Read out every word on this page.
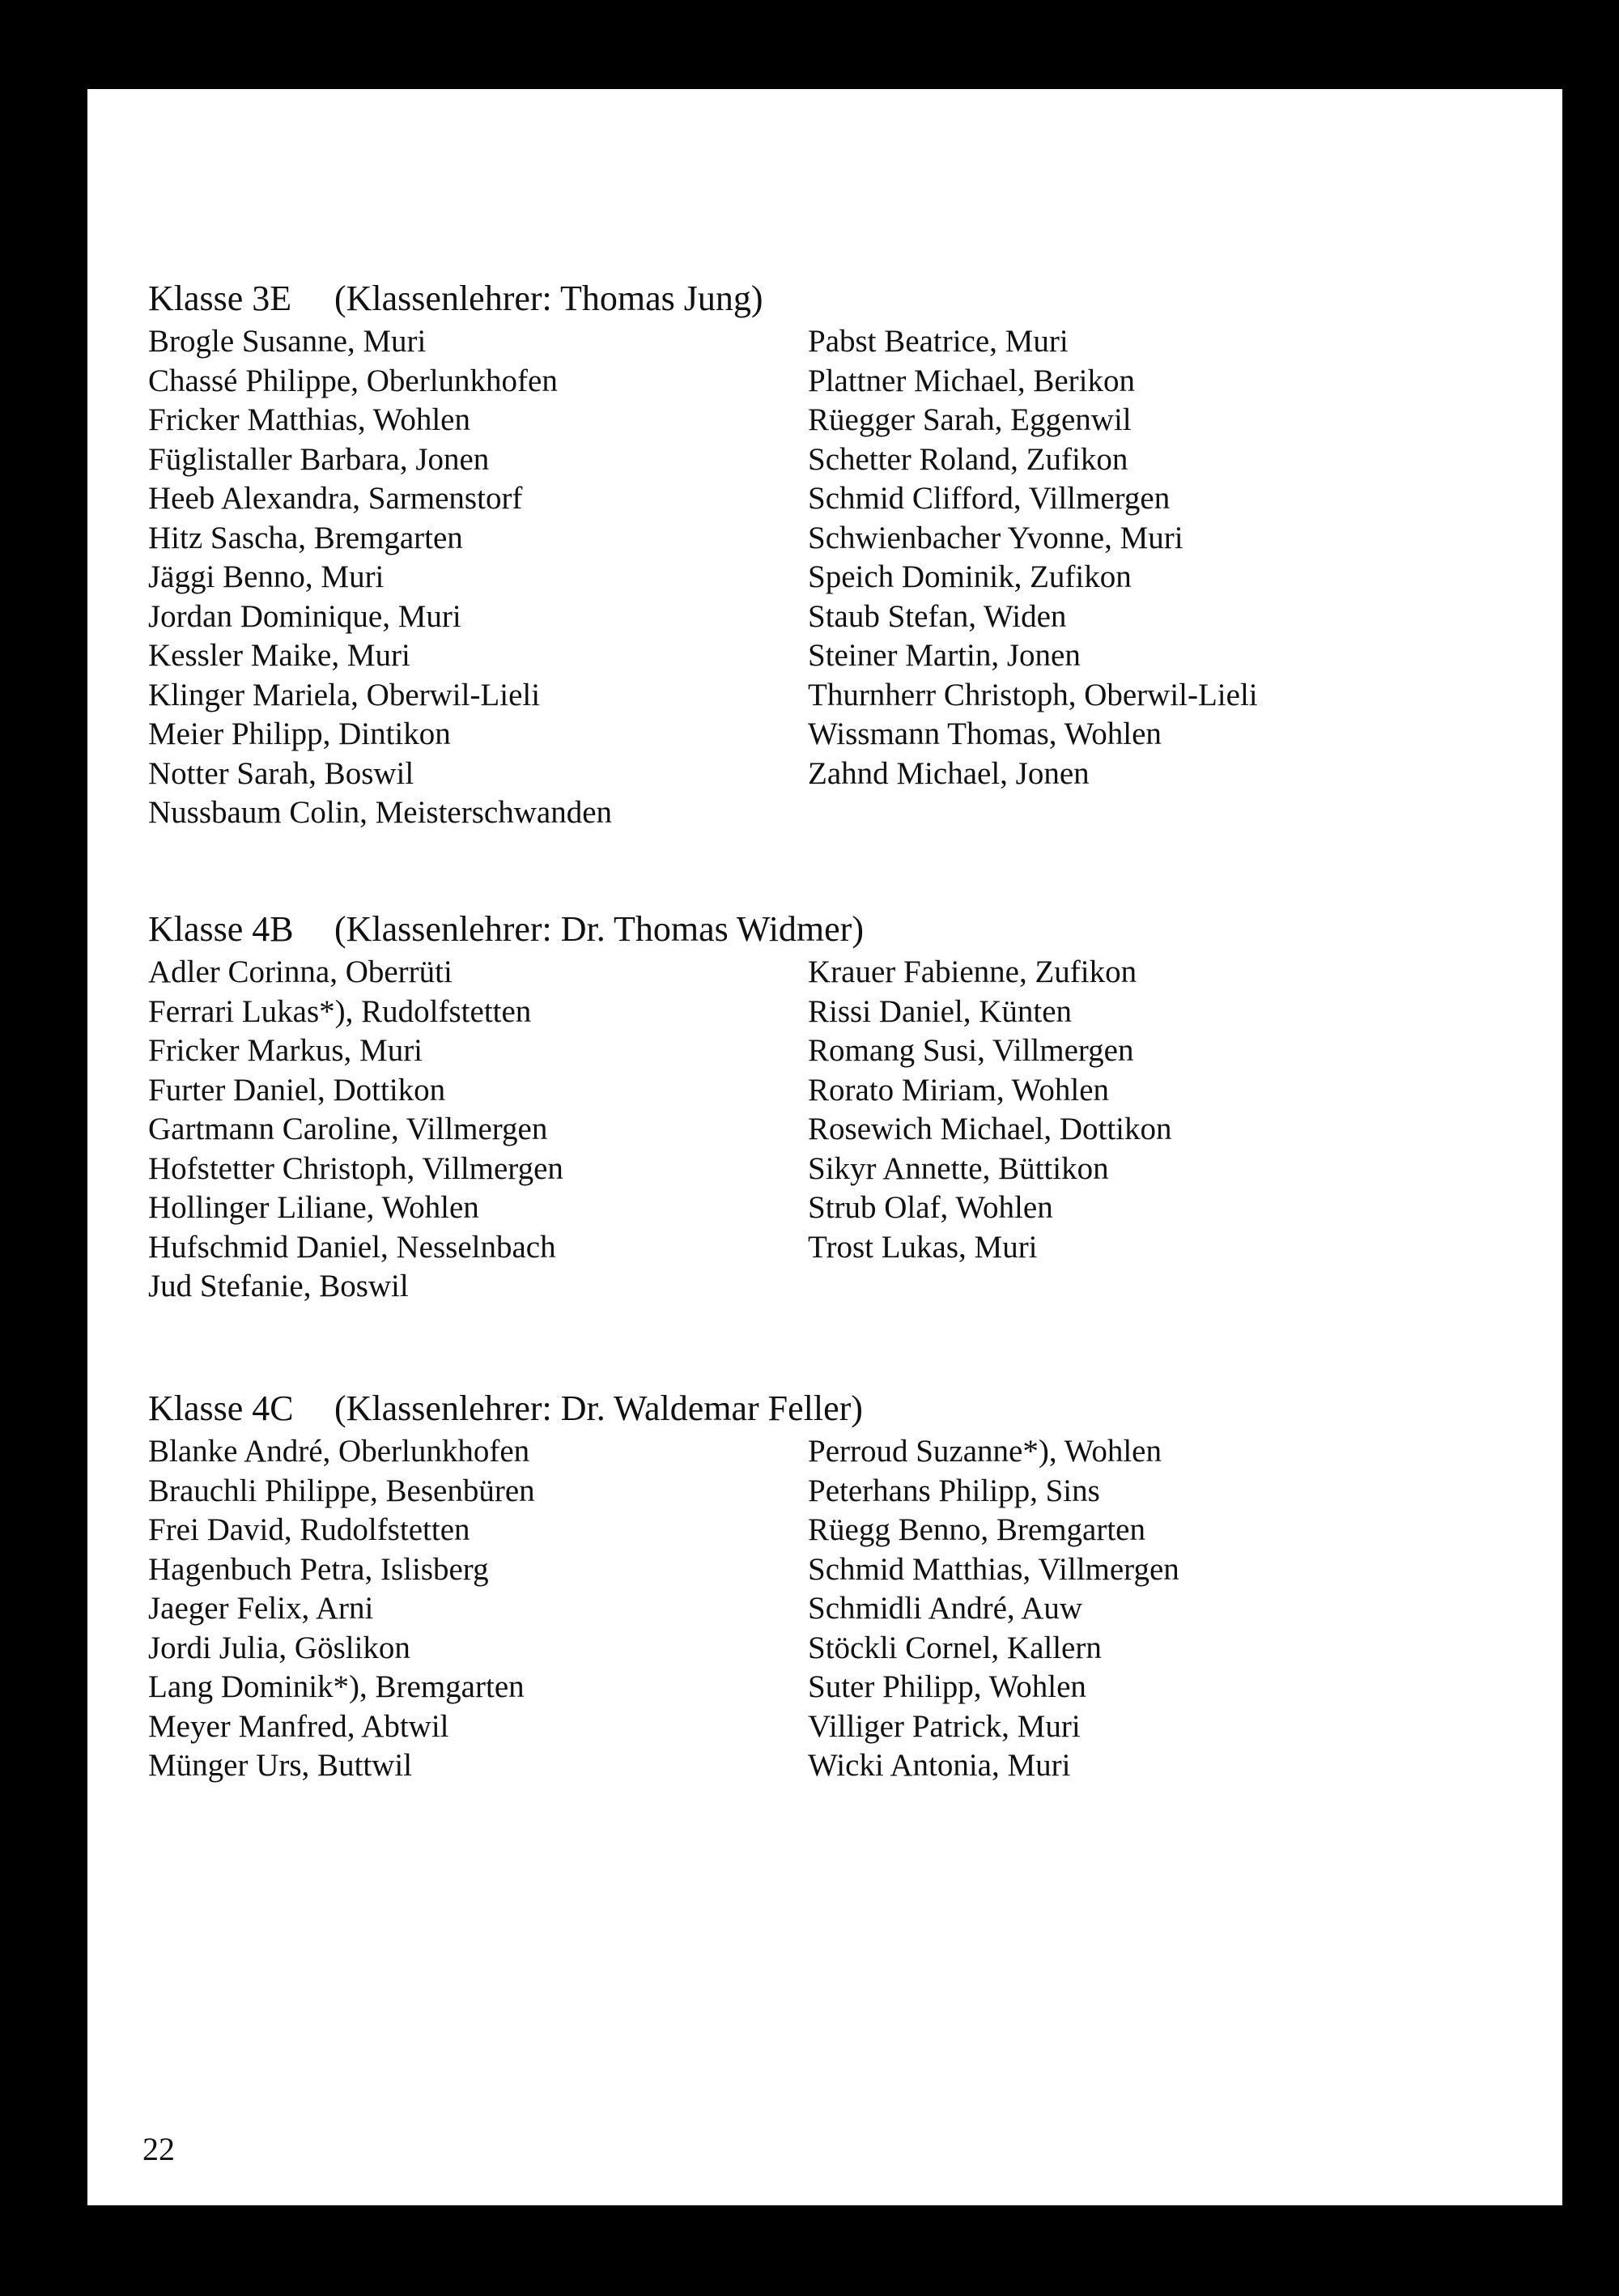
Klasse 3E (Klassenlehrer: Thomas Jung)
Brogle Susanne, Muri
Chassé Philippe, Oberlunkhofen
Fricker Matthias, Wohlen
Füglistaller Barbara, Jonen
Heeb Alexandra, Sarmenstorf
Hitz Sascha, Bremgarten
Jäggi Benno, Muri
Jordan Dominique, Muri
Kessler Maike, Muri
Klinger Mariela, Oberwil-Lieli
Meier Philipp, Dintikon
Notter Sarah, Boswil
Nussbaum Colin, Meisterschwanden
Pabst Beatrice, Muri
Plattner Michael, Berikon
Rüegger Sarah, Eggenwil
Schetter Roland, Zufikon
Schmid Clifford, Villmergen
Schwienbacher Yvonne, Muri
Speich Dominik, Zufikon
Staub Stefan, Widen
Steiner Martin, Jonen
Thurnherr Christoph, Oberwil-Lieli
Wissmann Thomas, Wohlen
Zahnd Michael, Jonen
Klasse 4B (Klassenlehrer: Dr. Thomas Widmer)
Adler Corinna, Oberrüti
Ferrari Lukas*), Rudolfstetten
Fricker Markus, Muri
Furter Daniel, Dottikon
Gartmann Caroline, Villmergen
Hofstetter Christoph, Villmergen
Hollinger Liliane, Wohlen
Hufschmid Daniel, Nesselnbach
Jud Stefanie, Boswil
Krauer Fabienne, Zufikon
Rissi Daniel, Künten
Romang Susi, Villmergen
Rorato Miriam, Wohlen
Rosewich Michael, Dottikon
Sikyr Annette, Büttikon
Strub Olaf, Wohlen
Trost Lukas, Muri
Klasse 4C (Klassenlehrer: Dr. Waldemar Feller)
Blanke André, Oberlunkhofen
Brauchli Philippe, Besenbüren
Frei David, Rudolfstetten
Hagenbuch Petra, Islisberg
Jaeger Felix, Arni
Jordi Julia, Göslikon
Lang Dominik*), Bremgarten
Meyer Manfred, Abtwil
Münger Urs, Buttwil
Perroud Suzanne*), Wohlen
Peterhans Philipp, Sins
Rüegg Benno, Bremgarten
Schmid Matthias, Villmergen
Schmidli André, Auw
Stöckli Cornel, Kallern
Suter Philipp, Wohlen
Villiger Patrick, Muri
Wicki Antonia, Muri
22
